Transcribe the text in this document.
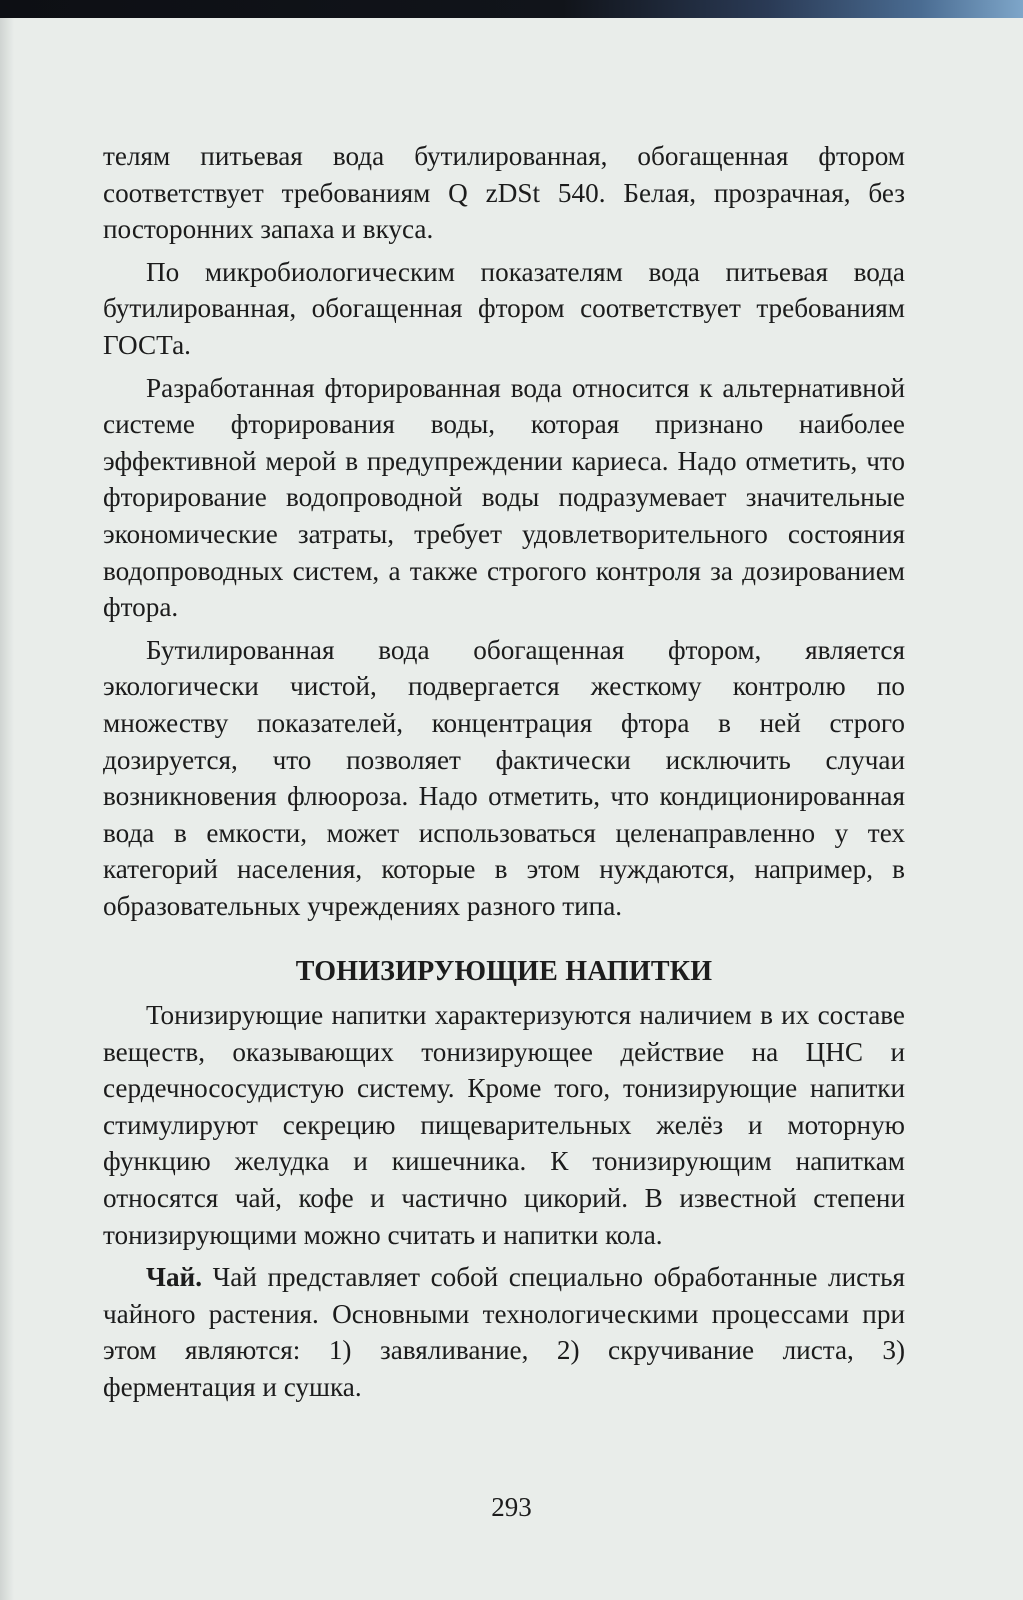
телям питьевая вода бутилированная, обогащенная фтором соответствует требованиям Q zDSt 540. Белая, прозрачная, без посторонних запаха и вкуса.

По микробиологическим показателям вода питьевая вода бутилированная, обогащенная фтором соответствует требованиям ГОСТа.

Разработанная фторированная вода относится к альтернативной системе фторирования воды, которая признано наиболее эффективной мерой в предупреждении кариеса. Надо отметить, что фторирование водопроводной воды подразумевает значительные экономические затраты, требует удовлетворительного состояния водопроводных систем, а также строгого контроля за дозированием фтора.

Бутилированная вода обогащенная фтором, является экологически чистой, подвергается жесткому контролю по множеству показателей, концентрация фтора в ней строго дозируется, что позволяет фактически исключить случаи возникновения флюороза. Надо отметить, что кондиционированная вода в емкости, может использоваться целенаправленно у тех категорий населения, которые в этом нуждаются, например, в образовательных учреждениях разного типа.

ТОНИЗИРУЮЩИЕ НАПИТКИ

Тонизирующие напитки характеризуются наличием в их составе веществ, оказывающих тонизирующее действие на ЦНС и сердечнососудистую систему. Кроме того, тонизирующие напитки стимулируют секрецию пищеварительных желёз и моторную функцию желудка и кишечника. К тонизирующим напиткам относятся чай, кофе и частично цикорий. В известной степени тонизирующими можно считать и напитки кола.

Чай. Чай представляет собой специально обработанные листья чайного растения. Основными технологическими процессами при этом являются: 1) завяливание, 2) скручивание листа, 3) ферментация и сушка.

293
